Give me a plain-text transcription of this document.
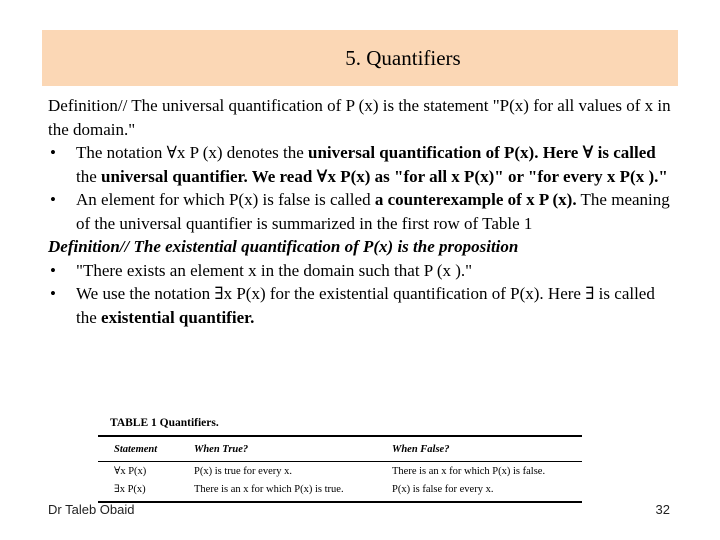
5. Quantifiers

Definition// The universal quantification of P (x) is the statement "P(x) for all values of x in the domain."

• The notation ∀x P (x) denotes the universal quantification of P(x). Here ∀ is called the universal quantifier. We read ∀x P(x) as "for all x P(x)" or "for every x P(x )."

• An element for which P(x) is false is called a counterexample of x P (x). The meaning of the universal quantifier is summarized in the first row of Table 1

Definition// The existential quantification of P(x) is the proposition

• "There exists an element x in the domain such that P (x )."

• We use the notation ∃x P(x) for the existential quantification of P(x). Here ∃ is called the existential quantifier.

TABLE 1 Quantifiers.
Statement	When True?	When False?
∀x P(x)	P(x) is true for every x.	There is an x for which P(x) is false.
∃x P(x)	There is an x for which P(x) is true.	P(x) is false for every x.
Dr Taleb Obaid	32
